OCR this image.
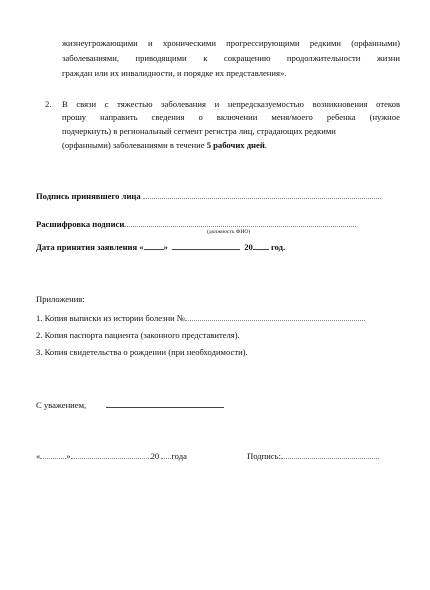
жизнеугрожающими и хроническими прогрессирующими редкими (орфанными)
заболеваниями, приводящими к сокращению продолжительности жизни
граждан или их инвалидности, и порядке их представления».
2. В связи с тяжестью заболевания и непредсказуемостью возникновения отеков
прошу направить сведения о включении меня/моего ребенка (нужное
подчеркнуть) в региональный сегмент регистра лиц, страдающих редкими
(орфанными) заболеваниями в течение 5 рабочих дней.
Подпись принявшего лица
Расшифровка подписи
(должность ФИО)
Дата принятия заявления « »	20 год.
Приложения:
1. Копия выписки из истории болезни №
2. Копия паспорта пациента (законного представителя).
3. Копия свидетельства о рождении (при необходимости).
С уважением,
«	»	20 года	Подпись:
